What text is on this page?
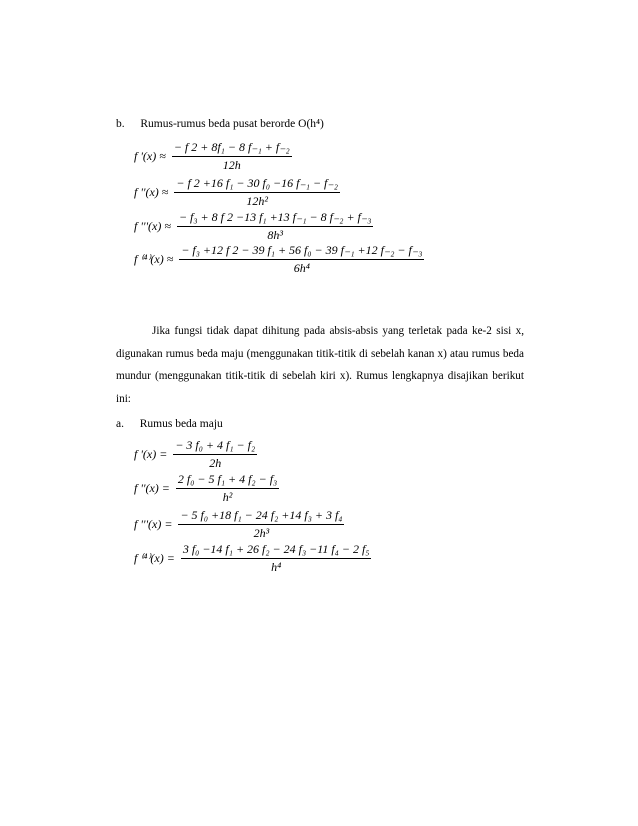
b. Rumus-rumus beda pusat berorde O(h⁴)
f '$(x) \approx \frac{\text{− f 2 + 8f₁ − 8 f₋₁ + f₋₂}}{12h}$
f ''$(x) \approx \frac{\text{− f 2 +16 f₁ − 30 f₀ −16 f₋₁ − f₋₂}}{\text{12h²}}$
f '''$(x) \approx \frac{\text{− f₃ + 8 f 2 −13 f₁ +13 f₋₁ − 8 f₋₂ + f₋₃}}{\text{8h³}}$
f $^{(4)}(x) \approx \frac{\text{− f₃ +12 f 2 − 39 f₁ + 56 f₀ − 39 f₋₁ +12 f₋₂ − f₋₃}}{\text{6h⁴}}$
Jika fungsi tidak dapat dihitung pada absis-absis yang terletak pada ke-2 sisi x, digunakan rumus beda maju (menggunakan titik-titik di sebelah kanan x) atau rumus beda mundur (menggunakan titik-titik di sebelah kiri x). Rumus lengkapnya disajikan berikut ini:
a. Rumus beda maju
f '$(x) = \frac{\text{− 3 f₀ + 4 f₁ − f₂}}{2h}$
f ''$(x) = \frac{\text{2 f₀ − 5 f₁ + 4 f₂ − f₃}}{\text{h²}}$
f '''$(x) = \frac{\text{− 5 f₀ +18 f₁ − 24 f₂ +14 f₃ + 3 f₄}}{\text{2h³}}$
f $^{(4)}(x) = \frac{\text{3 f₀ −14 f₁ + 26 f₂ − 24 f₃ −11 f₄ − 2 f₅}}{\text{h⁴}}$
